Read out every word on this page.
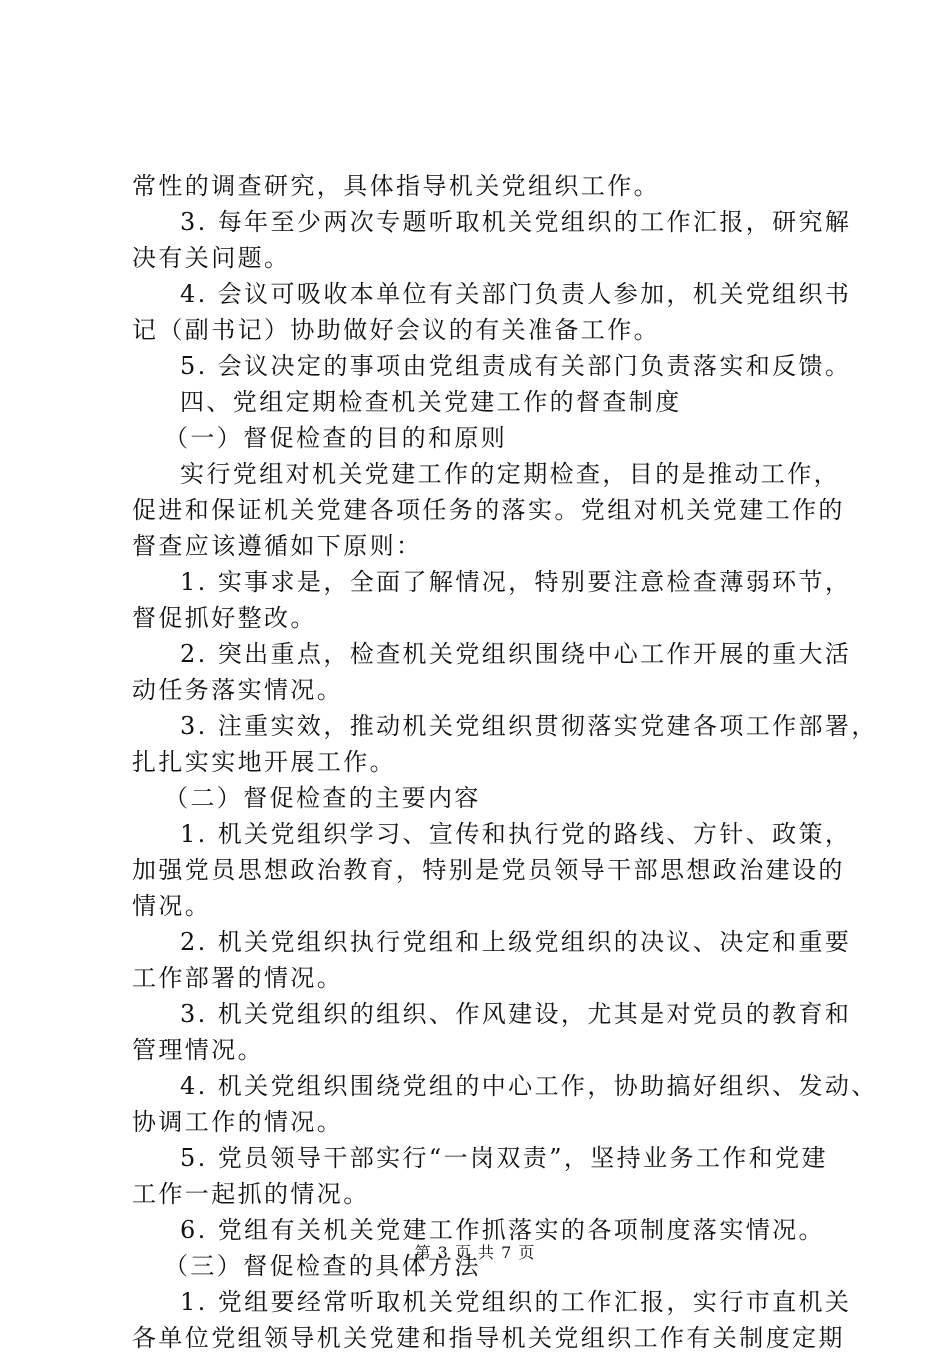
常性的调查研究，具体指导机关党组织工作。
3. 每年至少两次专题听取机关党组织的工作汇报，研究解
决有关问题。
4. 会议可吸收本单位有关部门负责人参加，机关党组织书
记（副书记）协助做好会议的有关准备工作。
5. 会议决定的事项由党组责成有关部门负责落实和反馈。
四、党组定期检查机关党建工作的督查制度
（一）督促检查的目的和原则
实行党组对机关党建工作的定期检查，目的是推动工作，
促进和保证机关党建各项任务的落实。党组对机关党建工作的
督查应该遵循如下原则：
1. 实事求是，全面了解情况，特别要注意检查薄弱环节，
督促抓好整改。
2. 突出重点，检查机关党组织围绕中心工作开展的重大活
动任务落实情况。
3. 注重实效，推动机关党组织贯彻落实党建各项工作部署，
扎扎实实地开展工作。
（二）督促检查的主要内容
1. 机关党组织学习、宣传和执行党的路线、方针、政策，
加强党员思想政治教育，特别是党员领导干部思想政治建设的
情况。
2. 机关党组织执行党组和上级党组织的决议、决定和重要
工作部署的情况。
3. 机关党组织的组织、作风建设，尤其是对党员的教育和
管理情况。
4. 机关党组织围绕党组的中心工作，协助搞好组织、发动、
协调工作的情况。
5. 党员领导干部实行“一岗双责”，坚持业务工作和党建
工作一起抓的情况。
6. 党组有关机关党建工作抓落实的各项制度落实情况。
（三）督促检查的具体方法
1. 党组要经常听取机关党组织的工作汇报，实行市直机关
各单位党组领导机关党建和指导机关党组织工作有关制度定期
第 3 页 共 7 页
